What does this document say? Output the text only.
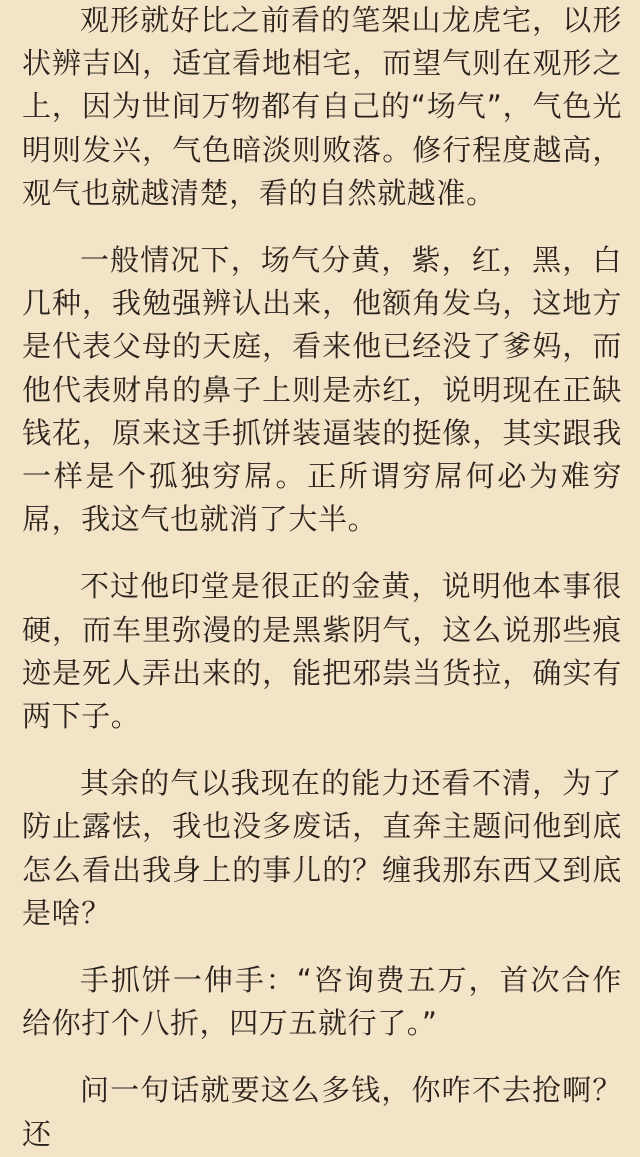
观形就好比之前看的笔架山龙虎宅，以形状辨吉凶，适宜看地相宅，而望气则在观形之上，因为世间万物都有自己的“场气”，气色光明则发兴，气色暗淡则败落。修行程度越高，观气也就越清楚，看的自然就越准。

一般情况下，场气分黄，紫，红，黑，白几种，我勉强辨认出来，他额角发乌，这地方是代表父母的天庭，看来他已经没了爹妈，而他代表财帛的鼻子上则是赤红，说明现在正缺钱花，原来这手抓饼装逼装的挺像，其实跟我一样是个孤独穷屌。正所谓穷屌何必为难穷屌，我这气也就消了大半。

不过他印堂是很正的金黄，说明他本事很硬，而车里弥漫的是黑紫阴气，这么说那些痕迹是死人弄出来的，能把邪祟当货拉，确实有两下子。

其余的气以我现在的能力还看不清，为了防止露怯，我也没多废话，直奔主题问他到底怎么看出我身上的事儿的？缠我那东西又到底是啥？

手抓饼一伸手：“咨询费五万，首次合作给你打个八折，四万五就行了。”

问一句话就要这么多钱，你咋不去抢啊？还
